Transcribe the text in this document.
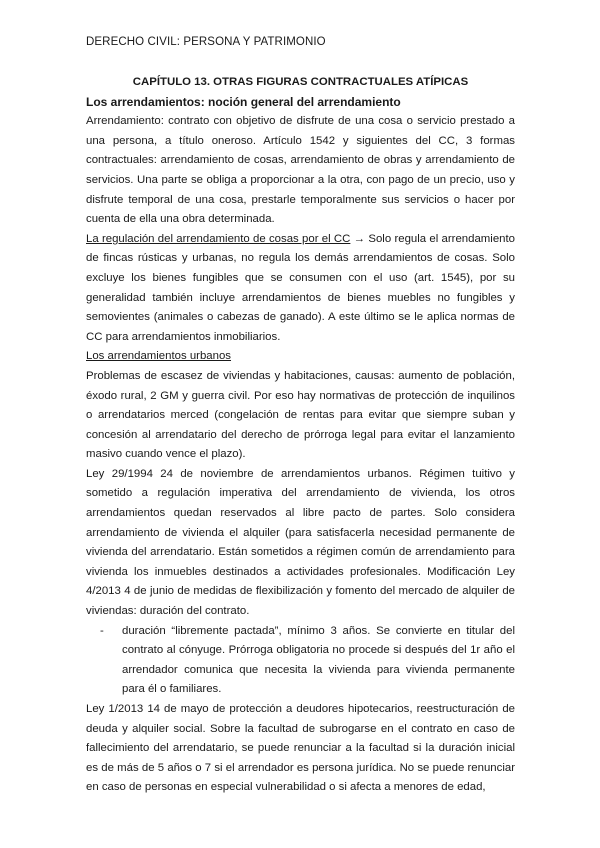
DERECHO CIVIL: PERSONA Y PATRIMONIO
CAPÍTULO 13. OTRAS FIGURAS CONTRACTUALES ATÍPICAS
Los arrendamientos: noción general del arrendamiento

Arrendamiento: contrato con objetivo de disfrute de una cosa o servicio prestado a una persona, a título oneroso. Artículo 1542 y siguientes del CC, 3 formas contractuales: arrendamiento de cosas, arrendamiento de obras y arrendamiento de servicios. Una parte se obliga a proporcionar a la otra, con pago de un precio, uso y disfrute temporal de una cosa, prestarle temporalmente sus servicios o hacer por cuenta de ella una obra determinada.

La regulación del arrendamiento de cosas por el CC → Solo regula el arrendamiento de fincas rústicas y urbanas, no regula los demás arrendamientos de cosas. Solo excluye los bienes fungibles que se consumen con el uso (art. 1545), por su generalidad también incluye arrendamientos de bienes muebles no fungibles y semovientes (animales o cabezas de ganado). A este último se le aplica normas de CC para arrendamientos inmobiliarios.

Los arrendamientos urbanos

Problemas de escasez de viviendas y habitaciones, causas: aumento de población, éxodo rural, 2 GM y guerra civil. Por eso hay normativas de protección de inquilinos o arrendatarios merced (congelación de rentas para evitar que siempre suban y concesión al arrendatario del derecho de prórroga legal para evitar el lanzamiento masivo cuando vence el plazo).

Ley 29/1994 24 de noviembre de arrendamientos urbanos. Régimen tuitivo y sometido a regulación imperativa del arrendamiento de vivienda, los otros arrendamientos quedan reservados al libre pacto de partes. Solo considera arrendamiento de vivienda el alquiler (para satisfacerla necesidad permanente de vivienda del arrendatario. Están sometidos a régimen común de arrendamiento para vivienda los inmuebles destinados a actividades profesionales. Modificación Ley 4/2013 4 de junio de medidas de flexibilización y fomento del mercado de alquiler de viviendas: duración del contrato.

- duración “libremente pactada”, mínimo 3 años. Se convierte en titular del contrato al cónyuge. Prórroga obligatoria no procede si después del 1r año el arrendador comunica que necesita la vivienda para vivienda permanente para él o familiares.

Ley 1/2013 14 de mayo de protección a deudores hipotecarios, reestructuración de deuda y alquiler social. Sobre la facultad de subrogarse en el contrato en caso de fallecimiento del arrendatario, se puede renunciar a la facultad si la duración inicial es de más de 5 años o 7 si el arrendador es persona jurídica. No se puede renunciar en caso de personas en especial vulnerabilidad o si afecta a menores de edad,
